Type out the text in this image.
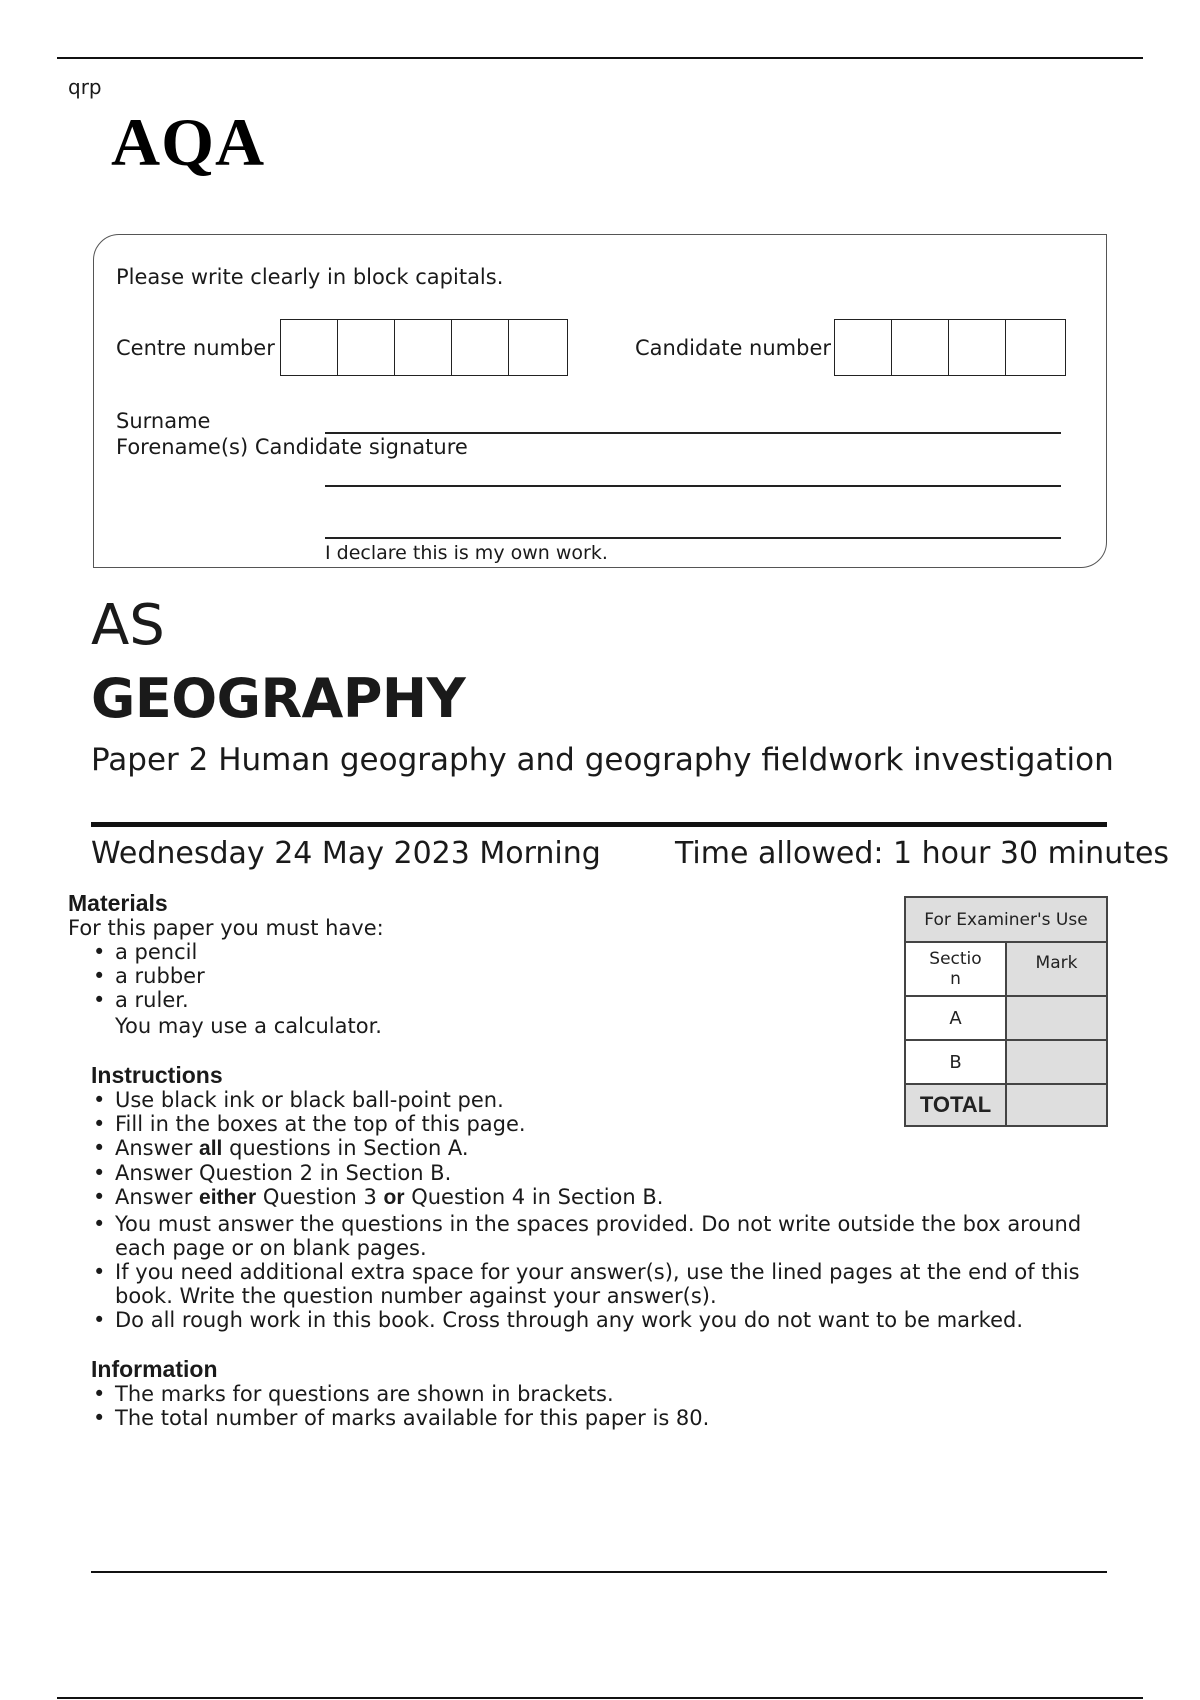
qrp
AQA
Please write clearly in block capitals.
Centre number	Candidate number
Surname
Forename(s) Candidate signature
I declare this is my own work.
AS
GEOGRAPHY
Paper 2 Human geography and geography fieldwork investigation
Wednesday 24 May 2023 Morning Time allowed: 1 hour 30 minutes
Materials
For this paper you must have:
• a pencil
• a rubber
• a ruler.
You may use a calculator.
Instructions
• Use black ink or black ball-point pen.
• Fill in the boxes at the top of this page.
• Answer all questions in Section A.
• Answer Question 2 in Section B.
• Answer either Question 3 or Question 4 in Section B.
• You must answer the questions in the spaces provided. Do not write outside the box around each page or on blank pages.
• If you need additional extra space for your answer(s), use the lined pages at the end of this book. Write the question number against your answer(s).
• Do all rough work in this book. Cross through any work you do not want to be marked.
Information
• The marks for questions are shown in brackets.
• The total number of marks available for this paper is 80.
For Examiner's Use	
Sectio n	Mark
A	
B	
TOTAL	
